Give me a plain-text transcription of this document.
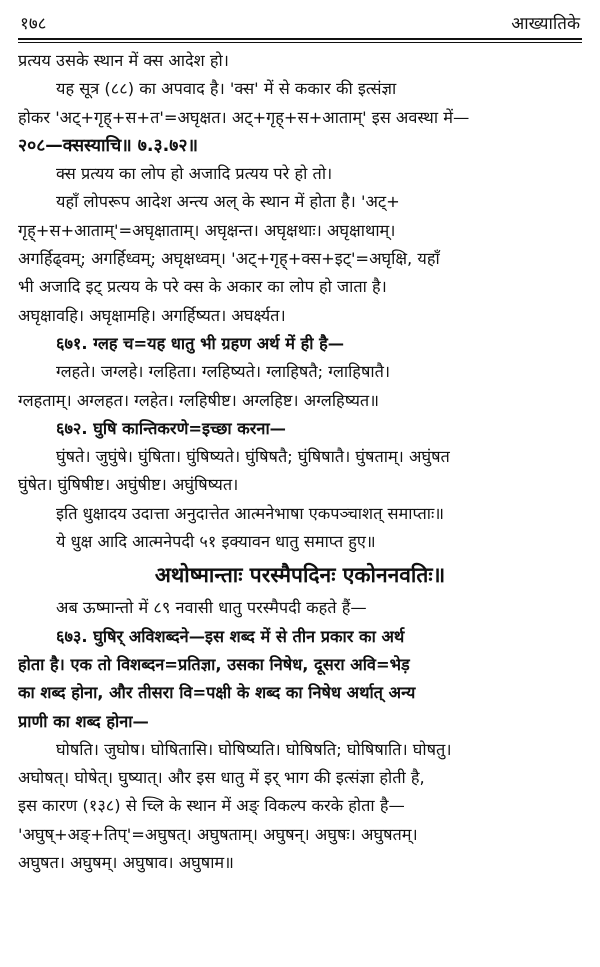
१७८	आख्यातिके
प्रत्यय उसके स्थान में क्स आदेश हो।
यह सूत्र (८८) का अपवाद है। 'क्स' में से ककार की इत्संज्ञा
होकर 'अट्+गृह्+स+त'=अघृक्षत। अट्+गृह्+स+आताम्' इस अवस्था में—
२०८—क्सस्याचि॥ ७.३.७२॥
क्स प्रत्यय का लोप हो अजादि प्रत्यय परे हो तो।
यहाँ लोपरूप आदेश अन्त्य अल् के स्थान में होता है। 'अट्+
गृह्+स+आताम्'=अघृक्षाताम्। अघृक्षन्त। अघृक्षथाः। अघृक्षाथाम्।
अगर्हिढ्वम्; अगर्हिध्वम्; अघृक्षध्वम्। 'अट्+गृह्+क्स+इट्'=अघृक्षि, यहाँ
भी अजादि इट् प्रत्यय के परे क्स के अकार का लोप हो जाता है।
अघृक्षावहि। अघृक्षामहि। अगर्हिष्यत। अघर्क्ष्यत।
६७१. ग्लह च=यह धातु भी ग्रहण अर्थ में ही है—
ग्लहते। जग्लहे। ग्लहिता। ग्लहिष्यते। ग्लाहिषतै; ग्लाहिषातै।
ग्लहताम्। अग्लहत। ग्लहेत। ग्लहिषीष्ट। अग्लहिष्ट। अग्लहिष्यत॥
६७२. घुषि कान्तिकरणे=इच्छा करना—
घुंषते। जुघुंषे। घुंषिता। घुंषिष्यते। घुंषिषतै; घुंषिषातै। घुंषताम्। अघुंषत
घुंषेत। घुंषिषीष्ट। अघुंषीष्ट। अघुंषिष्यत।
इति धुक्षादय उदात्ता अनुदात्तेत आत्मनेभाषा एकपञ्चाशत् समाप्ताः॥
ये धुक्ष आदि आत्मनेपदी ५१ इक्यावन धातु समाप्त हुए॥
अथोष्मान्ताः परस्मैपदिनः एकोननवतिः॥
अब ऊष्मान्तो में ८९ नवासी धातु परस्मैपदी कहते हैं—
६७३. घुषिर् अविशब्दने—इस शब्द में से तीन प्रकार का अर्थ
होता है। एक तो विशब्दन=प्रतिज्ञा, उसका निषेध, दूसरा अवि=भेड़
का शब्द होना, और तीसरा वि=पक्षी के शब्द का निषेध अर्थात् अन्य
प्राणी का शब्द होना—
घोषति। जुघोष। घोषितासि। घोषिष्यति। घोषिषति; घोषिषाति। घोषतु।
अघोषत्। घोषेत्। घुष्यात्। और इस धातु में इर् भाग की इत्संज्ञा होती है,
इस कारण (१३८) से च्लि के स्थान में अङ् विकल्प करके होता है—
'अघुष्+अङ्+तिप्'=अघुषत्। अघुषताम्। अघुषन्। अघुषः। अघुषतम्।
अघुषत। अघुषम्। अघुषाव। अघुषाम॥
